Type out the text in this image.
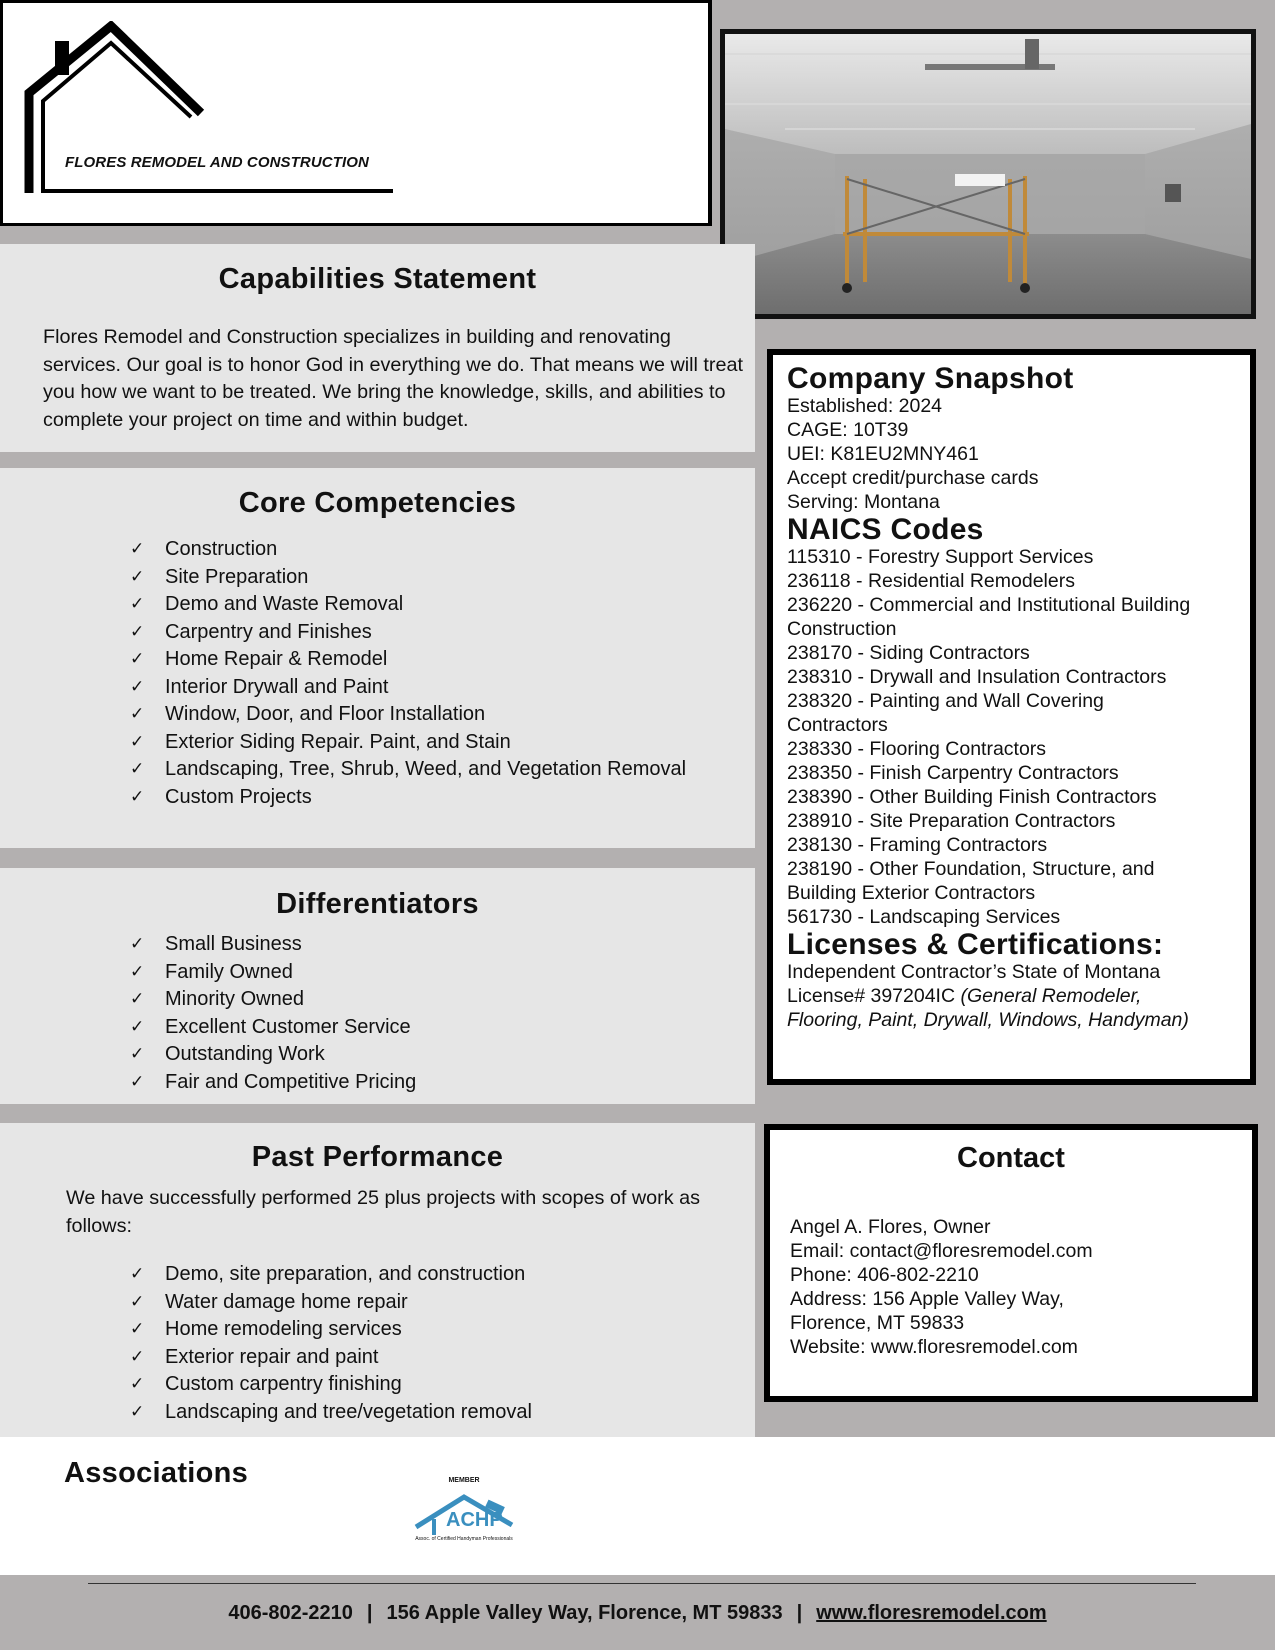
FLORES REMODEL AND CONSTRUCTION
Capabilities Statement
Flores Remodel and Construction specializes in building and renovating services. Our goal is to honor God in everything we do. That means we will treat you how we want to be treated. We bring the knowledge, skills, and abilities to complete your project on time and within budget.
Core Competencies
✓ Construction
✓ Site Preparation
✓ Demo and Waste Removal
✓ Carpentry and Finishes
✓ Home Repair & Remodel
✓ Interior Drywall and Paint
✓ Window, Door, and Floor Installation
✓ Exterior Siding Repair. Paint, and Stain
✓ Landscaping, Tree, Shrub, Weed, and Vegetation Removal
✓ Custom Projects
Differentiators
✓ Small Business
✓ Family Owned
✓ Minority Owned
✓ Excellent Customer Service
✓ Outstanding Work
✓ Fair and Competitive Pricing
Past Performance
We have successfully performed 25 plus projects with scopes of work as follows:
✓ Demo, site preparation, and construction
✓ Water damage home repair
✓ Home remodeling services
✓ Exterior repair and paint
✓ Custom carpentry finishing
✓ Landscaping and tree/vegetation removal
Company Snapshot
Established: 2024
CAGE: 10T39
UEI: K81EU2MNY461
Accept credit/purchase cards
Serving: Montana
NAICS Codes
115310 - Forestry Support Services
236118 - Residential Remodelers
236220 - Commercial and Institutional Building
Construction
238170 - Siding Contractors
238310 - Drywall and Insulation Contractors
238320 - Painting and Wall Covering
Contractors
238330 - Flooring Contractors
238350 - Finish Carpentry Contractors
238390 - Other Building Finish Contractors
238910 - Site Preparation Contractors
238130 - Framing Contractors
238190 - Other Foundation, Structure, and
Building Exterior Contractors
561730 - Landscaping Services
Licenses & Certifications:
Independent Contractor’s State of Montana
License# 397204IC (General Remodeler,
Flooring, Paint, Drywall, Windows, Handyman)
Contact
Angel A. Flores, Owner
Email: contact@floresremodel.com
Phone: 406-802-2210
Address: 156 Apple Valley Way,
Florence, MT 59833
Website: www.floresremodel.com
Associations	MEMBER
ACHP
Assoc. of Certified Handyman Professionals
406-802-2210 | 156 Apple Valley Way, Florence, MT 59833 | www.floresremodel.com
